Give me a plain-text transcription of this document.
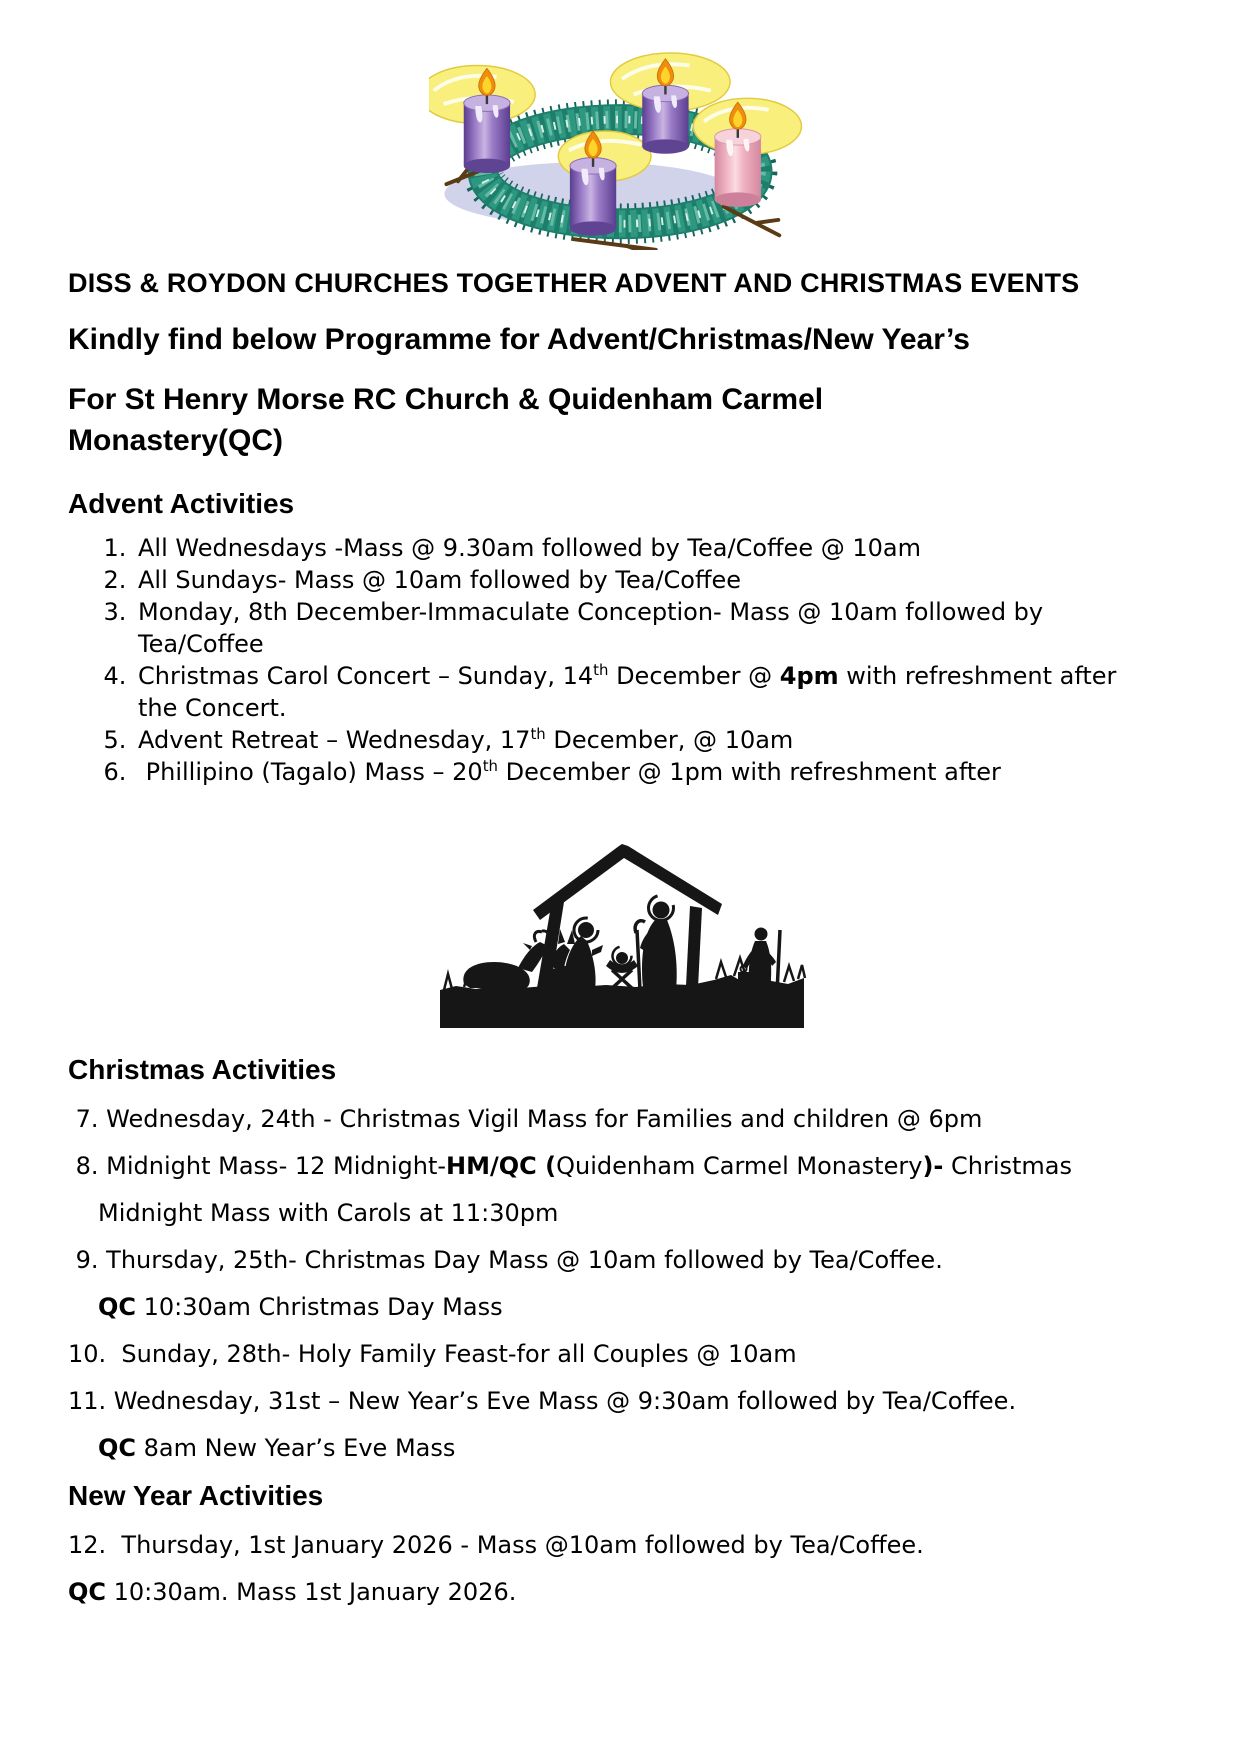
DISS & ROYDON CHURCHES TOGETHER ADVENT AND CHRISTMAS EVENTS
Kindly find below Programme for Advent/Christmas/New Year’s
For St Henry Morse RC Church & Quidenham Carmel
Monastery(QC)
Advent Activities
1. All Wednesdays -Mass @ 9.30am followed by Tea/Coffee @ 10am
2. All Sundays- Mass @ 10am followed by Tea/Coffee
3. Monday, 8th December-Immaculate Conception- Mass @ 10am followed by Tea/Coffee
4. Christmas Carol Concert – Sunday, 14th December @ 4pm with refreshment after the Concert.
5. Advent Retreat – Wednesday, 17th December, @ 10am
6.  Phillipino (Tagalo) Mass – 20th December @ 1pm with refreshment after
Christmas Activities

7. Wednesday, 24th - Christmas Vigil Mass for Families and children @ 6pm

8. Midnight Mass- 12 Midnight-HM/QC (Quidenham Carmel Monastery)- Christmas

Midnight Mass with Carols at 11:30pm

9. Thursday, 25th- Christmas Day Mass @ 10am followed by Tea/Coffee.

QC 10:30am Christmas Day Mass

10.  Sunday, 28th- Holy Family Feast-for all Couples @ 10am

11. Wednesday, 31st – New Year’s Eve Mass @ 9:30am followed by Tea/Coffee.

QC 8am New Year’s Eve Mass

New Year Activities

12.  Thursday, 1st January 2026 - Mass @10am followed by Tea/Coffee.

QC 10:30am. Mass 1st January 2026.
